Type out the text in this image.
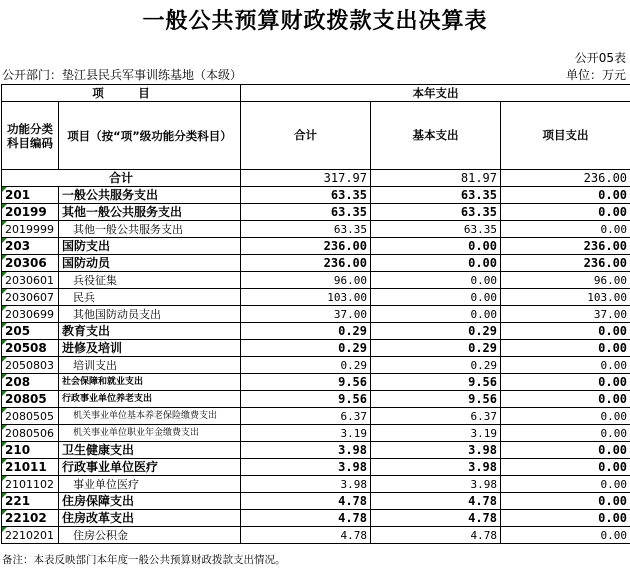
一般公共预算财政拨款支出决算表
公开05表
公开部门：垫江县民兵军事训练基地（本级）	单位：万元
项　　　目		本年支出		
功能分类科目编码	项目（按“项”级功能分类科目）	合计	基本支出	项目支出
合计		317.97	81.97	236.00
201	一般公共服务支出	63.35	63.35	0.00
20199	其他一般公共服务支出	63.35	63.35	0.00
2019999	其他一般公共服务支出	63.35	63.35	0.00
203	国防支出	236.00	0.00	236.00
20306	国防动员	236.00	0.00	236.00
2030601	兵役征集	96.00	0.00	96.00
2030607	民兵	103.00	0.00	103.00
2030699	其他国防动员支出	37.00	0.00	37.00
205	教育支出	0.29	0.29	0.00
20508	进修及培训	0.29	0.29	0.00
2050803	培训支出	0.29	0.29	0.00
208	社会保障和就业支出	9.56	9.56	0.00
20805	行政事业单位养老支出	9.56	9.56	0.00
2080505	机关事业单位基本养老保险缴费支出	6.37	6.37	0.00
2080506	机关事业单位职业年金缴费支出	3.19	3.19	0.00
210	卫生健康支出	3.98	3.98	0.00
21011	行政事业单位医疗	3.98	3.98	0.00
2101102	事业单位医疗	3.98	3.98	0.00
221	住房保障支出	4.78	4.78	0.00
22102	住房改革支出	4.78	4.78	0.00
2210201	住房公积金	4.78	4.78	0.00
备注：本表反映部门本年度一般公共预算财政拨款支出情况。
